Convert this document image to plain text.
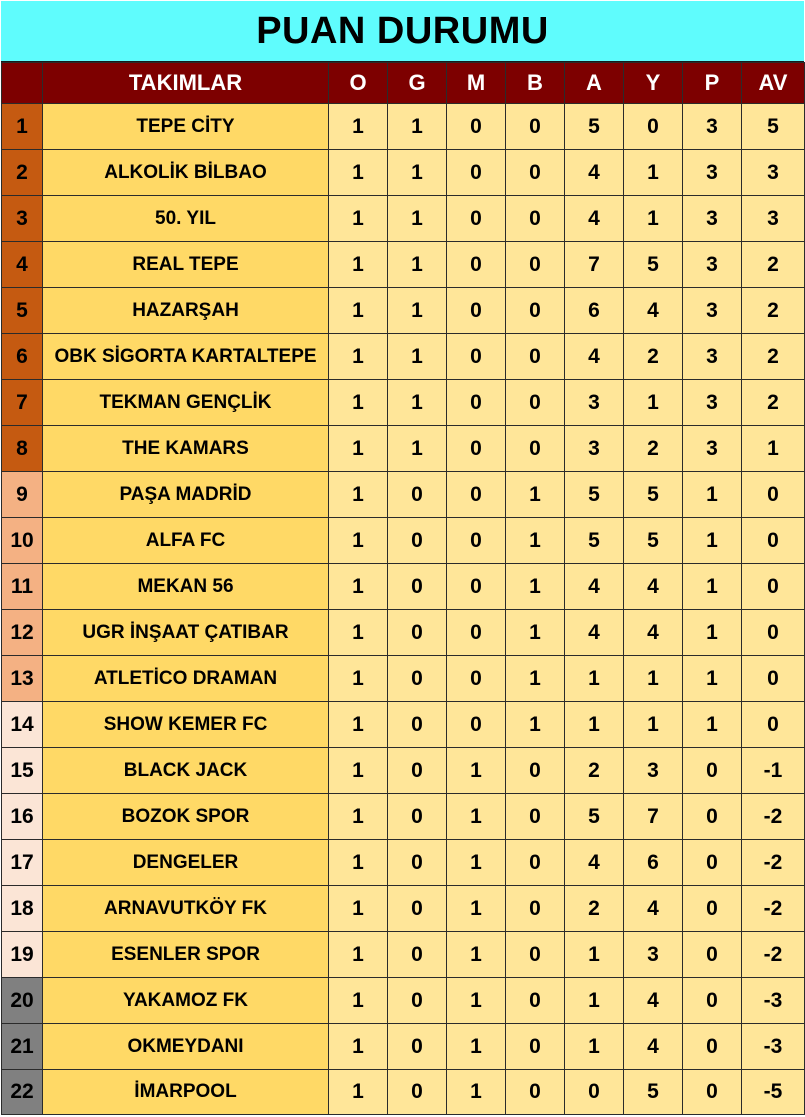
PUAN DURUMU
	TAKIMLAR	O	G	M	B	A	Y	P	AV
1	TEPE CİTY	1	1	0	0	5	0	3	5
2	ALKOLİK BİLBAO	1	1	0	0	4	1	3	3
3	50. YIL	1	1	0	0	4	1	3	3
4	REAL TEPE	1	1	0	0	7	5	3	2
5	HAZARŞAH	1	1	0	0	6	4	3	2
6	OBK SİGORTA KARTALTEPE	1	1	0	0	4	2	3	2
7	TEKMAN GENÇLİK	1	1	0	0	3	1	3	2
8	THE KAMARS	1	1	0	0	3	2	3	1
9	PAŞA MADRİD	1	0	0	1	5	5	1	0
10	ALFA FC	1	0	0	1	5	5	1	0
11	MEKAN 56	1	0	0	1	4	4	1	0
12	UGR İNŞAAT ÇATIBAR	1	0	0	1	4	4	1	0
13	ATLETİCO DRAMAN	1	0	0	1	1	1	1	0
14	SHOW KEMER FC	1	0	0	1	1	1	1	0
15	BLACK JACK	1	0	1	0	2	3	0	-1
16	BOZOK SPOR	1	0	1	0	5	7	0	-2
17	DENGELER	1	0	1	0	4	6	0	-2
18	ARNAVUTKÖY FK	1	0	1	0	2	4	0	-2
19	ESENLER SPOR	1	0	1	0	1	3	0	-2
20	YAKAMOZ FK	1	0	1	0	1	4	0	-3
21	OKMEYDANI	1	0	1	0	1	4	0	-3
22	İMARPOOL	1	0	1	0	0	5	0	-5
